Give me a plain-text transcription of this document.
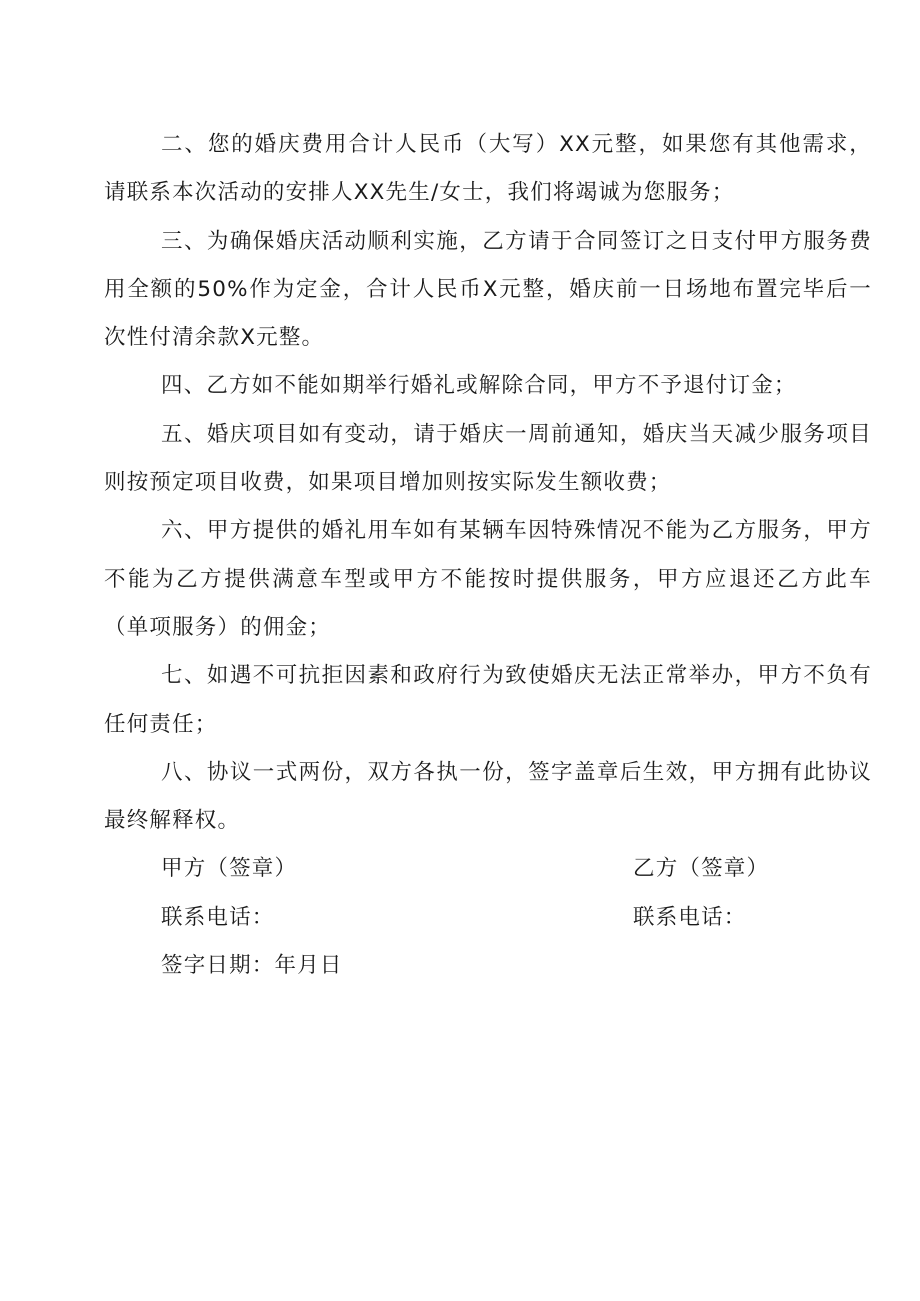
二、您的婚庆费用合计人民币（大写）XX元整，如果您有其他需求，请联系本次活动的安排人XX先生/女士，我们将竭诚为您服务；

三、为确保婚庆活动顺利实施，乙方请于合同签订之日支付甲方服务费用全额的50%作为定金，合计人民币X元整，婚庆前一日场地布置完毕后一次性付清余款X元整。

四、乙方如不能如期举行婚礼或解除合同，甲方不予退付订金；

五、婚庆项目如有变动，请于婚庆一周前通知，婚庆当天减少服务项目则按预定项目收费，如果项目增加则按实际发生额收费；

六、甲方提供的婚礼用车如有某辆车因特殊情况不能为乙方服务，甲方不能为乙方提供满意车型或甲方不能按时提供服务，甲方应退还乙方此车（单项服务）的佣金；

七、如遇不可抗拒因素和政府行为致使婚庆无法正常举办，甲方不负有任何责任；

八、协议一式两份，双方各执一份，签字盖章后生效，甲方拥有此协议最终解释权。

甲方（签章）	乙方（签章）
联系电话：	联系电话：
签字日期：年月日
